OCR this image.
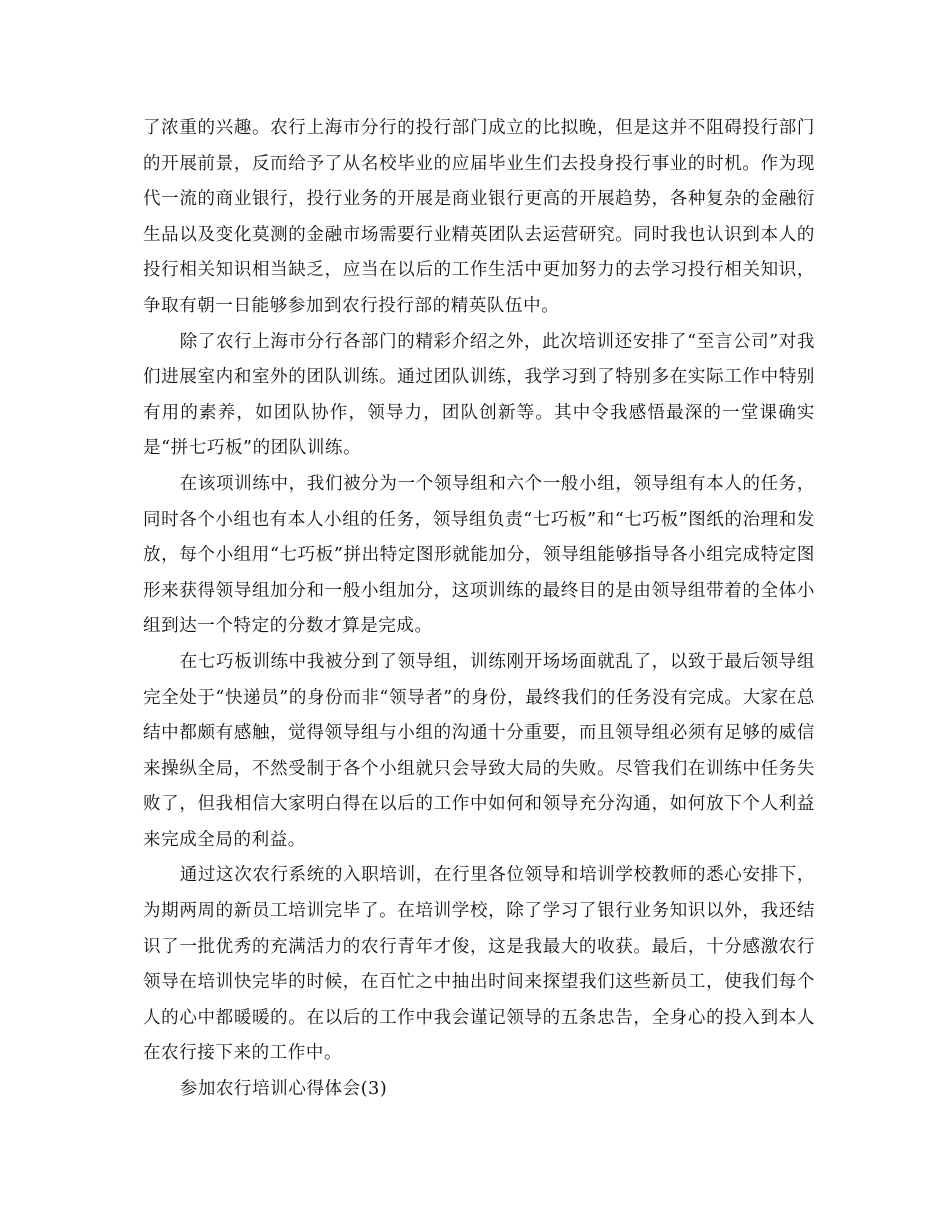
了浓重的兴趣。农行上海市分行的投行部门成立的比拟晚，但是这并不阻碍投行部门的开展前景，反而给予了从名校毕业的应届毕业生们去投身投行事业的时机。作为现代一流的商业银行，投行业务的开展是商业银行更高的开展趋势，各种复杂的金融衍生品以及变化莫测的金融市场需要行业精英团队去运营研究。同时我也认识到本人的投行相关知识相当缺乏，应当在以后的工作生活中更加努力的去学习投行相关知识，争取有朝一日能够参加到农行投行部的精英队伍中。

除了农行上海市分行各部门的精彩介绍之外，此次培训还安排了“至言公司”对我们进展室内和室外的团队训练。通过团队训练，我学习到了特别多在实际工作中特别有用的素养，如团队协作，领导力，团队创新等。其中令我感悟最深的一堂课确实是“拼七巧板”的团队训练。

在该项训练中，我们被分为一个领导组和六个一般小组，领导组有本人的任务，同时各个小组也有本人小组的任务，领导组负责“七巧板”和“七巧板”图纸的治理和发放，每个小组用“七巧板”拼出特定图形就能加分，领导组能够指导各小组完成特定图形来获得领导组加分和一般小组加分，这项训练的最终目的是由领导组带着的全体小组到达一个特定的分数才算是完成。

在七巧板训练中我被分到了领导组，训练刚开场场面就乱了，以致于最后领导组完全处于“快递员”的身份而非“领导者”的身份，最终我们的任务没有完成。大家在总结中都颇有感触，觉得领导组与小组的沟通十分重要，而且领导组必须有足够的威信来操纵全局，不然受制于各个小组就只会导致大局的失败。尽管我们在训练中任务失败了，但我相信大家明白得在以后的工作中如何和领导充分沟通，如何放下个人利益来完成全局的利益。

通过这次农行系统的入职培训，在行里各位领导和培训学校教师的悉心安排下，为期两周的新员工培训完毕了。在培训学校，除了学习了银行业务知识以外，我还结识了一批优秀的充满活力的农行青年才俊，这是我最大的收获。最后，十分感激农行领导在培训快完毕的时候，在百忙之中抽出时间来探望我们这些新员工，使我们每个人的心中都暖暖的。在以后的工作中我会谨记领导的五条忠告，全身心的投入到本人在农行接下来的工作中。

参加农行培训心得体会(3)
